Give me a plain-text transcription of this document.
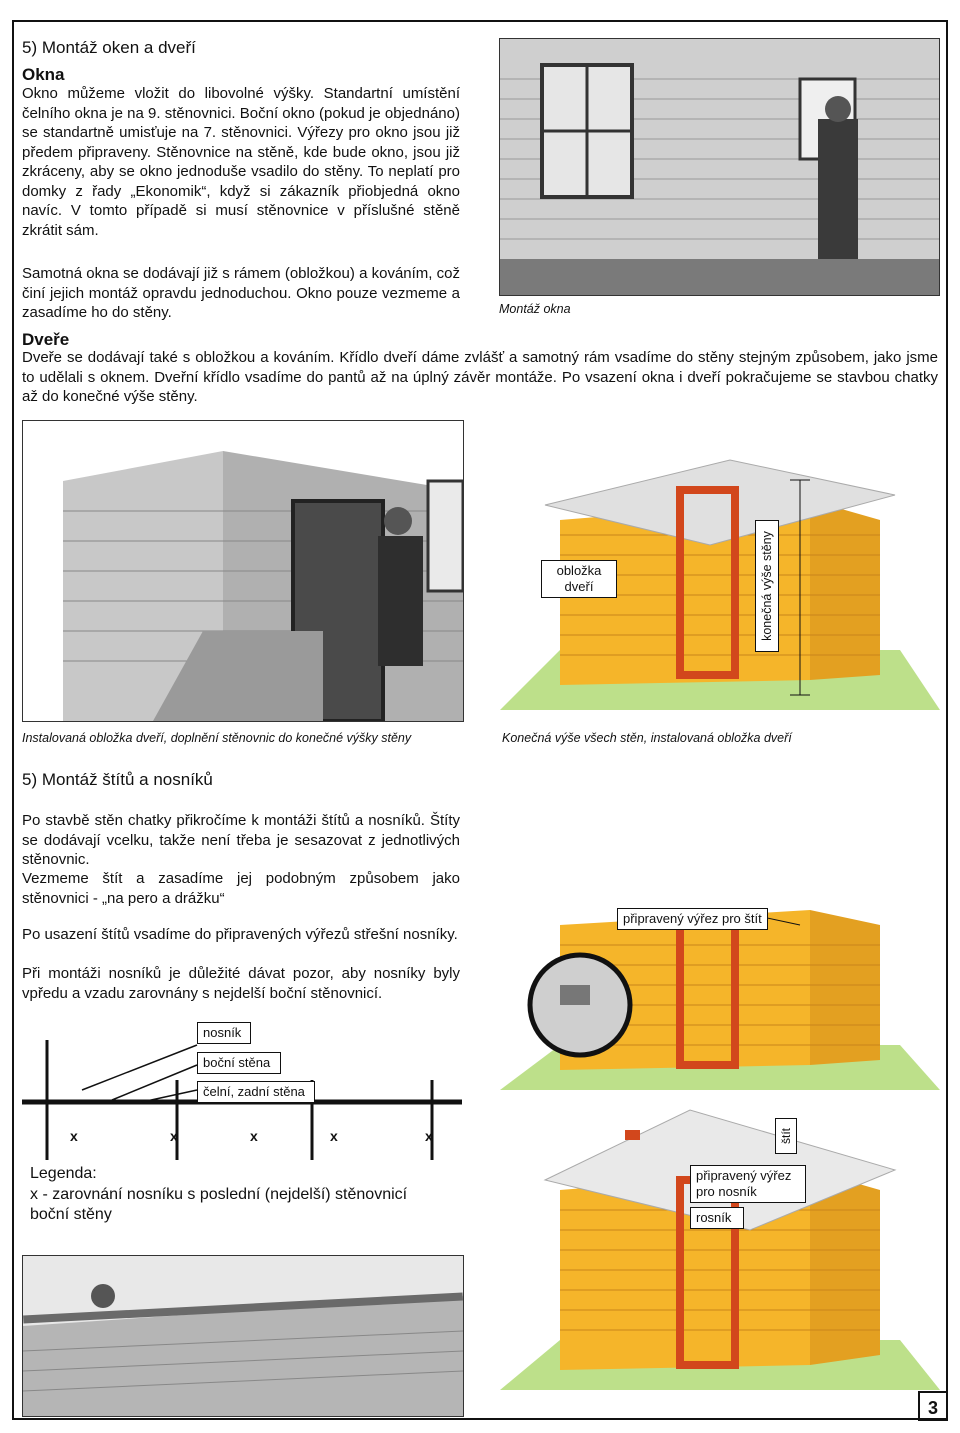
5) Montáž oken a dveří
Okna

Okno můžeme vložit do libovolné výšky. Standartní umístění čelního okna je na 9. stěnovnici. Boční okno (pokud je objednáno) se standartně umisťuje na 7. stěnovnici. Výřezy pro okno jsou již předem připraveny. Stěnovnice na stěně, kde bude okno, jsou již zkráceny, aby se okno jednoduše vsadilo do stěny. To neplatí pro domky z řady „Ekonomik“, když si zákazník přiobjedná okno navíc. V tomto případě si musí stěnovnice v příslušné stěně zkrátit sám.

Samotná okna se dodávají již s rámem (obložkou) a kováním, což činí jejich montáž opravdu jednoduchou. Okno pouze vezmeme a zasadíme ho do stěny.	Montáž okna
Dveře

Dveře se dodávají také s obložkou a kováním. Křídlo dveří dáme zvlášť a samotný rám vsadíme do stěny stejným způsobem, jako jsme to udělali s oknem. Dveřní křídlo vsadíme do pantů až na úplný závěr montáže. Po vsazení okna i dveří pokračujeme se stavbou chatky až do konečné výše stěny.

Instalovaná obložka dveří, doplnění stěnovnic do konečné výšky stěny
obložka dveří	konečná výše stěny
Konečná výše všech stěn, instalovaná obložka dveří
5) Montáž štítů a nosníků

Po stavbě stěn chatky přikročíme k montáži štítů a nosníků. Štíty se dodávají vcelku, takže není třeba je sesazovat z jednotlivých stěnovnic.

Vezmeme štít a zasadíme jej podobným způsobem jako stěnovnici - „na pero a drážku“

Po usazení štítů vsadíme do připravených výřezů střešní nosníky.

Při montáži nosníků je důležité dávat pozor, aby nosníky byly vpředu a vzadu zarovnány s nejdelší boční stěnovnicí.

připravený výřez pro štít
nosník
boční stěna
čelní, zadní stěna
x	x	x	x	x
Legenda:
x - zarovnání nosníku s poslední (nejdelší) stěnovnicí boční stěny
připravený výřez pro nosník
rosník
štít
3
